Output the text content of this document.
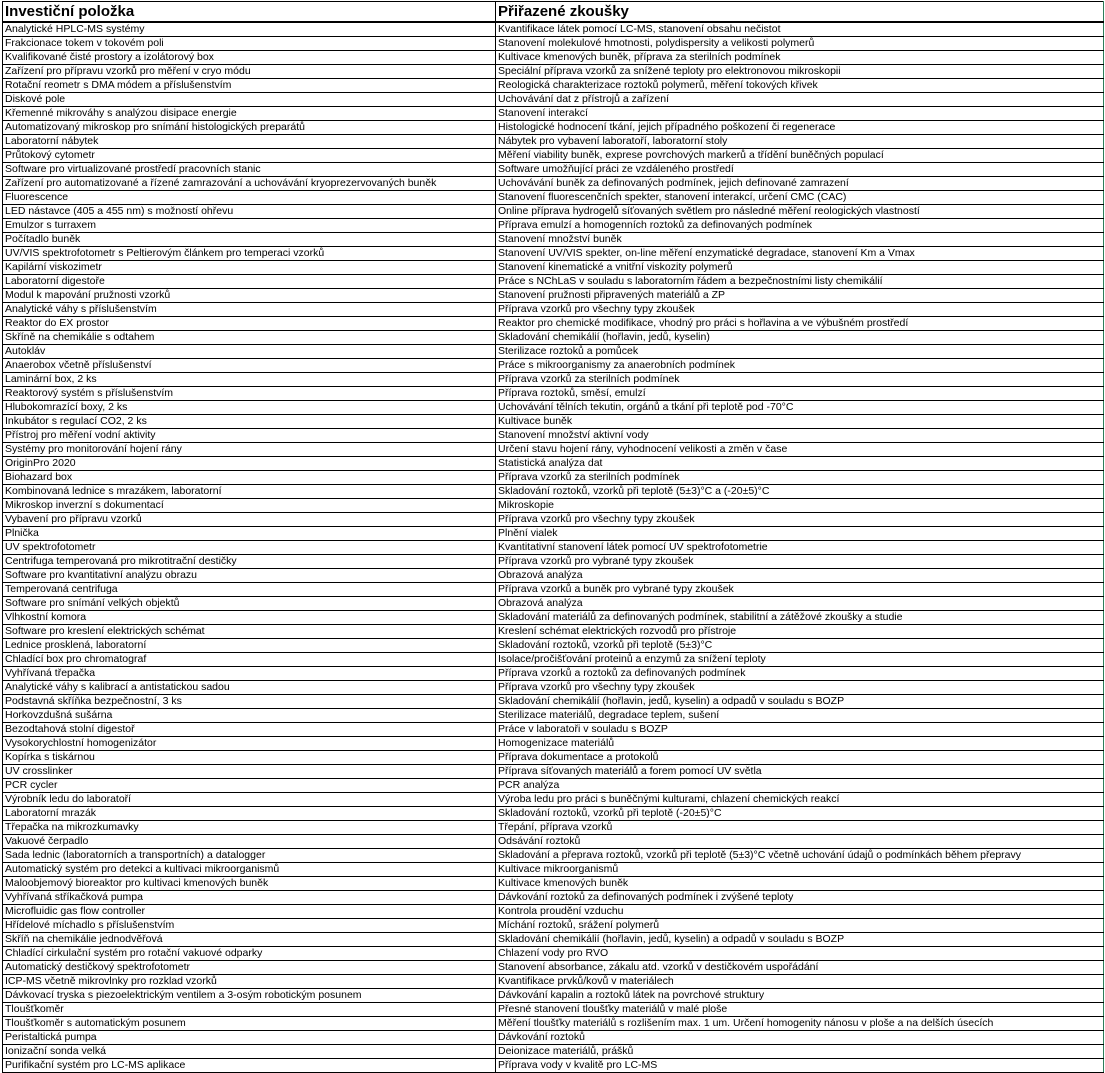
Investiční položka	Přiřazené zkoušky
Analytické HPLC-MS systémy	Kvantifikace látek pomocí LC-MS, stanovení obsahu nečistot
Frakcionace tokem v tokovém poli	Stanovení molekulové hmotnosti, polydispersity a velikosti polymerů
Kvalifikované čisté prostory a izolátorový box	Kultivace kmenových buněk, příprava za sterilních podmínek
Zařízení pro přípravu vzorků pro měření v cryo módu	Speciální příprava vzorků za snížené teploty pro elektronovou mikroskopii
Rotační reometr s DMA módem a příslušenstvím	Reologická charakterizace roztoků polymerů, měření tokových křivek
Diskové pole	Uchovávání dat z přístrojů a zařízení
Křemenné mikrováhy s analýzou disipace energie	Stanovení interakcí
Automatizovaný mikroskop pro snímání histologických preparátů	Histologické hodnocení tkání, jejich případného poškození či regenerace
Laboratorní nábytek	Nábytek pro vybavení laboratoří, laboratorní stoly
Průtokový cytometr	Měření viability buněk, exprese povrchových markerů a třídění buněčných populací
Software pro virtualizované prostředí pracovních stanic	Software umožňující práci ze vzdáleného prostředí
Zařízení pro automatizované a řízené zamrazování a uchovávání kryoprezervovaných buněk	Uchovávání buněk za definovaných podmínek, jejich definované zamrazení
Fluorescence	Stanovení fluorescenčních spekter, stanovení interakcí, určení CMC (CAC)
LED nástavce (405 a 455 nm) s možností ohřevu	Online příprava hydrogelů síťovaných světlem pro následné měření reologických vlastností
Emulzor s turraxem	Příprava emulzí a homogenních roztoků za definovaných podmínek
Počítadlo buněk	Stanovení množství buněk
UV/VIS spektrofotometr s Peltierovým článkem pro temperaci vzorků	Stanovení UV/VIS spekter, on-line měření enzymatické degradace, stanovení Km a Vmax
Kapilární viskozimetr	Stanovení kinematické a vnitřní viskozity polymerů
Laboratorní digestoře	Práce s NChLaS v souladu s laboratorním řádem a bezpečnostními listy chemikálií
Modul k mapování pružnosti vzorků	Stanovení pružnosti připravených materiálů a ZP
Analytické váhy s příslušenstvím	Příprava vzorků pro všechny typy zkoušek
Reaktor do EX prostor	Reaktor pro chemické modifikace, vhodný pro práci s hořlavina a ve výbušném prostředí
Skříně na chemikálie s odtahem	Skladování chemikálií (hořlavin, jedů, kyselin)
Autokláv	Sterilizace roztoků a pomůcek
Anaerobox včetně příslušenství	Práce s mikroorganismy za anaerobních podmínek
Laminární box, 2 ks	Příprava vzorků za sterilních podmínek
Reaktorový systém s příslušenstvím	Příprava roztoků, směsí, emulzí
Hlubokomrazící boxy, 2 ks	Uchovávání tělních tekutin, orgánů a tkání při teplotě pod -70°C
Inkubátor s regulací CO2, 2 ks	Kultivace buněk
Přístroj pro měření vodní aktivity	Stanovení množství aktivní vody
Systémy pro monitorování hojení rány	Určení stavu hojení rány, vyhodnocení velikosti a změn v čase
OriginPro 2020	Statistická analýza dat
Biohazard box	Příprava vzorků za sterilních podmínek
Kombinovaná lednice s mrazákem, laboratorní	Skladování roztoků, vzorků při teplotě (5±3)°C a (-20±5)°C
Mikroskop inverzní s dokumentací	Mikroskopie
Vybavení pro přípravu vzorků	Příprava vzorků pro všechny typy zkoušek
Plnička	Plnění vialek
UV spektrofotometr	Kvantitativní stanovení látek pomocí UV spektrofotometrie
Centrifuga temperovaná pro mikrotitrační destičky	Příprava vzorků pro vybrané typy zkoušek
Software pro kvantitativní analýzu obrazu	Obrazová analýza
Temperovaná centrifuga	Příprava vzorků a buněk pro vybrané typy zkoušek
Software pro snímání velkých objektů	Obrazová analýza
Vlhkostní komora	Skladování materiálů za definovaných podmínek, stabilitní a zátěžové zkoušky a studie
Software pro kreslení elektrických schémat	Kreslení schémat elektrických rozvodů pro přístroje
Lednice prosklená, laboratorní	Skladování roztoků, vzorků při teplotě (5±3)°C
Chladící box pro chromatograf	Isolace/pročišťování proteinů a enzymů za snížení teploty
Vyhřívaná třepačka	Příprava vzorků a roztoků za definovaných podmínek
Analytické váhy s kalibrací a antistatickou sadou	Příprava vzorků pro všechny typy zkoušek
Podstavná skříňka bezpečnostní, 3 ks	Skladování chemikálií (hořlavin, jedů, kyselin) a odpadů v souladu s BOZP
Horkovzdušná sušárna	Sterilizace materiálů, degradace teplem, sušení
Bezodtahová stolní digestoř	Práce v laboratoři v souladu s BOZP
Vysokorychlostní homogenizátor	Homogenizace materiálů
Kopírka s tiskárnou	Příprava dokumentace a protokolů
UV crosslinker	Příprava síťovaných materiálů a forem pomocí UV světla
PCR cycler	PCR analýza
Výrobník ledu do laboratoří	Výroba ledu pro práci s buněčnými kulturami, chlazení chemických reakcí
Laboratorní mrazák	Skladování roztoků, vzorků při teplotě (-20±5)°C
Třepačka na mikrozkumavky	Třepání, příprava vzorků
Vakuové čerpadlo	Odsávání roztoků
Sada lednic (laboratorních a transportních) a datalogger	Skladování a přeprava roztoků, vzorků při teplotě (5±3)°C včetně uchování údajů o podmínkách během přepravy
Automatický systém pro detekci a kultivaci mikroorganismů	Kultivace mikroorganismů
Maloobjemový bioreaktor pro kultivaci kmenových buněk	Kultivace kmenových buněk
Vyhřívaná stříkačková pumpa	Dávkování roztoků za definovaných podmínek i zvýšené teploty
Microfluidic gas flow controller	Kontrola proudění vzduchu
Hřídelové míchadlo s příslušenstvím	Míchání roztoků, srážení polymerů
Skříň na chemikálie jednodvěřová	Skladování chemikálií (hořlavin, jedů, kyselin) a odpadů v souladu s BOZP
Chladící cirkulační systém pro rotační vakuové odparky	Chlazení vody pro RVO
Automatický destičkový spektrofotometr	Stanovení absorbance, zákalu atd. vzorků v destičkovém uspořádání
ICP-MS včetně mikrovlnky pro rozklad vzorků	Kvantifikace prvků/kovů v materiálech
Dávkovací tryska s piezoelektrickým ventilem a 3-osým robotickým posunem	Dávkování kapalin a roztoků látek na povrchové struktury
Tloušťkoměr	Přesné stanovení tloušťky materiálů v malé ploše
Tloušťkoměr s automatickým posunem	Měření tloušťky materiálů s rozlišením max. 1 um. Určení homogenity nánosu v ploše a na delších úsecích
Peristaltická pumpa	Dávkování roztoků
Ionizační sonda velká	Deionizace materiálů, prášků
Purifikační systém pro LC-MS aplikace	Příprava vody v kvalitě pro LC-MS
